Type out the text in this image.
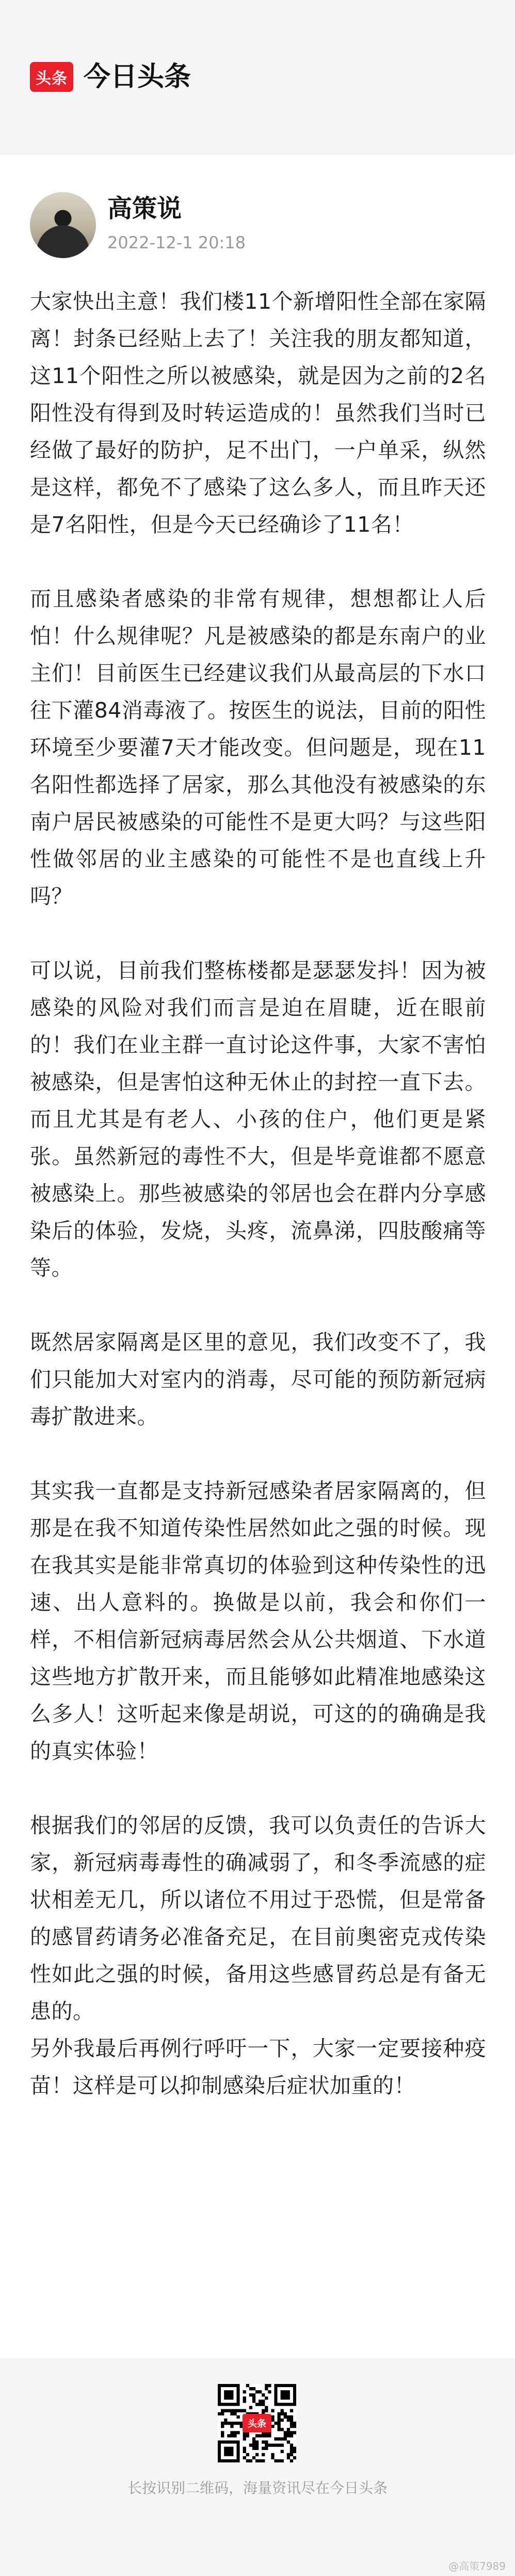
头条 今日头条
高策说
2022-12-1 20:18

大家快出主意！我们楼11个新增阳性全部在家隔离！封条已经贴上去了！关注我的朋友都知道，这11个阳性之所以被感染，就是因为之前的2名阳性没有得到及时转运造成的！虽然我们当时已经做了最好的防护，足不出门，一户单采，纵然是这样，都免不了感染了这么多人，而且昨天还是7名阳性，但是今天已经确诊了11名！

而且感染者感染的非常有规律，想想都让人后怕！什么规律呢？凡是被感染的都是东南户的业主们！目前医生已经建议我们从最高层的下水口往下灌84消毒液了。按医生的说法，目前的阳性环境至少要灌7天才能改变。但问题是，现在11名阳性都选择了居家，那么其他没有被感染的东南户居民被感染的可能性不是更大吗？与这些阳性做邻居的业主感染的可能性不是也直线上升吗？

可以说，目前我们整栋楼都是瑟瑟发抖！因为被感染的风险对我们而言是迫在眉睫，近在眼前的！我们在业主群一直讨论这件事，大家不害怕被感染，但是害怕这种无休止的封控一直下去。而且尤其是有老人、小孩的住户，他们更是紧张。虽然新冠的毒性不大，但是毕竟谁都不愿意被感染上。那些被感染的邻居也会在群内分享感染后的体验，发烧，头疼，流鼻涕，四肢酸痛等等。

既然居家隔离是区里的意见，我们改变不了，我们只能加大对室内的消毒，尽可能的预防新冠病毒扩散进来。

其实我一直都是支持新冠感染者居家隔离的，但那是在我不知道传染性居然如此之强的时候。现在我其实是能非常真切的体验到这种传染性的迅速、出人意料的。换做是以前，我会和你们一样，不相信新冠病毒居然会从公共烟道、下水道这些地方扩散开来，而且能够如此精准地感染这么多人！这听起来像是胡说，可这的的确确是我的真实体验！

根据我们的邻居的反馈，我可以负责任的告诉大家，新冠病毒毒性的确减弱了，和冬季流感的症状相差无几，所以诸位不用过于恐慌，但是常备的感冒药请务必准备充足，在目前奥密克戎传染性如此之强的时候，备用这些感冒药总是有备无患的。

另外我最后再例行呼吁一下，大家一定要接种疫苗！这样是可以抑制感染后症状加重的！

头条
长按识别二维码，海量资讯尽在今日头条
@高策7989
